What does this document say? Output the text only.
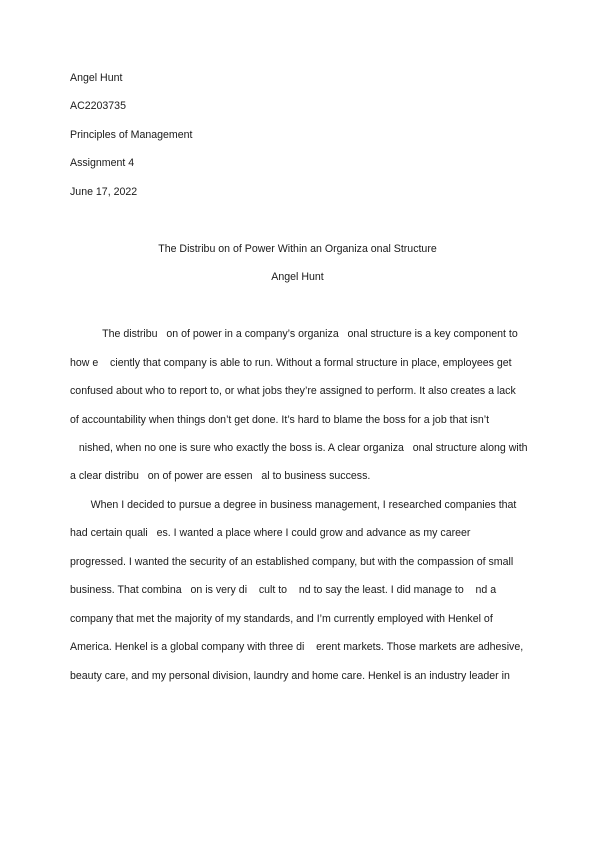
Angel Hunt
AC2203735
Principles of Management
Assignment 4
June 17, 2022
The Distribu on of Power Within an Organiza onal Structure
Angel Hunt
The distribu   on of power in a company’s organiza   onal structure is a key component to
how e    ciently that company is able to run. Without a formal structure in place, employees get
confused about who to report to, or what jobs they’re assigned to perform. It also creates a lack
of accountability when things don’t get done. It’s hard to blame the boss for a job that isn’t
nished, when no one is sure who exactly the boss is. A clear organiza   onal structure along with
a clear distribu   on of power are essen   al to business success.
When I decided to pursue a degree in business management, I researched companies that
had certain quali   es. I wanted a place where I could grow and advance as my career
progressed. I wanted the security of an established company, but with the compassion of small
business. That combina   on is very di    cult to    nd to say the least. I did manage to    nd a
company that met the majority of my standards, and I’m currently employed with Henkel of
America. Henkel is a global company with three di    erent markets. Those markets are adhesive,
beauty care, and my personal division, laundry and home care. Henkel is an industry leader in
